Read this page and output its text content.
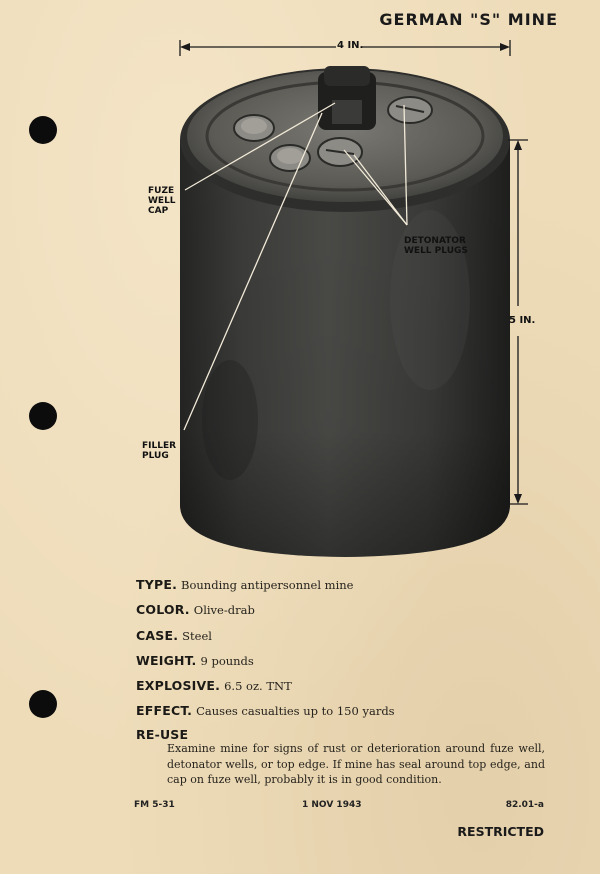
GERMAN "S" MINE
4 IN.
5 IN.
FUZE
WELL
CAP
DETONATOR
WELL PLUGS
FILLER
PLUG
TYPE. Bounding antipersonnel mine
COLOR. Olive-drab
CASE. Steel
WEIGHT. 9 pounds
EXPLOSIVE. 6.5 oz. TNT
EFFECT. Causes casualties up to 150 yards
RE-USE
Examine mine for signs of rust or deterioration around fuze well, detonator wells, or top edge. If mine has seal around top edge, and cap on fuze well, probably it is in good condition.
FM 5-31	1 NOV 1943	82.01-a
RESTRICTED
